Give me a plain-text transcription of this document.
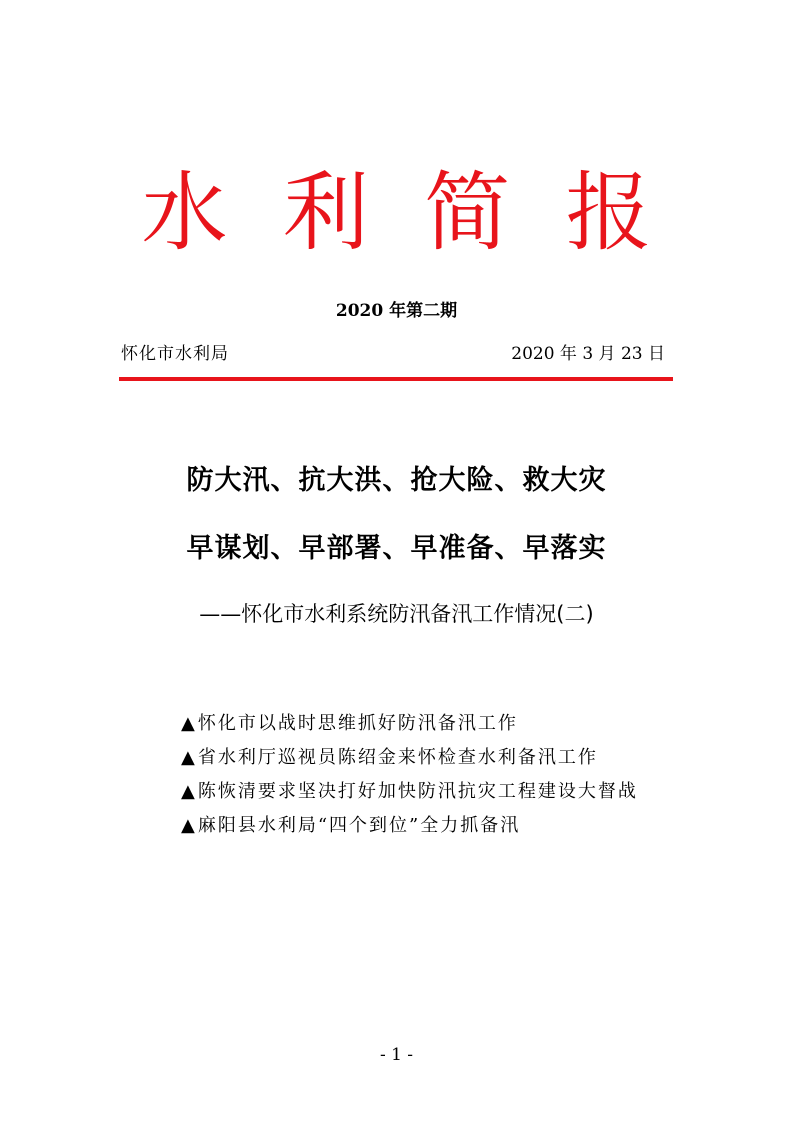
水 利 简 报
2020 年第二期
怀化市水利局	2020 年 3 月 23 日
防大汛、抗大洪、抢大险、救大灾
早谋划、早部署、早准备、早落实
——怀化市水利系统防汛备汛工作情况(二)
▲怀化市以战时思维抓好防汛备汛工作
▲省水利厅巡视员陈绍金来怀检查水利备汛工作
▲陈恢清要求坚决打好加快防汛抗灾工程建设大督战
▲麻阳县水利局“四个到位”全力抓备汛
- 1 -
